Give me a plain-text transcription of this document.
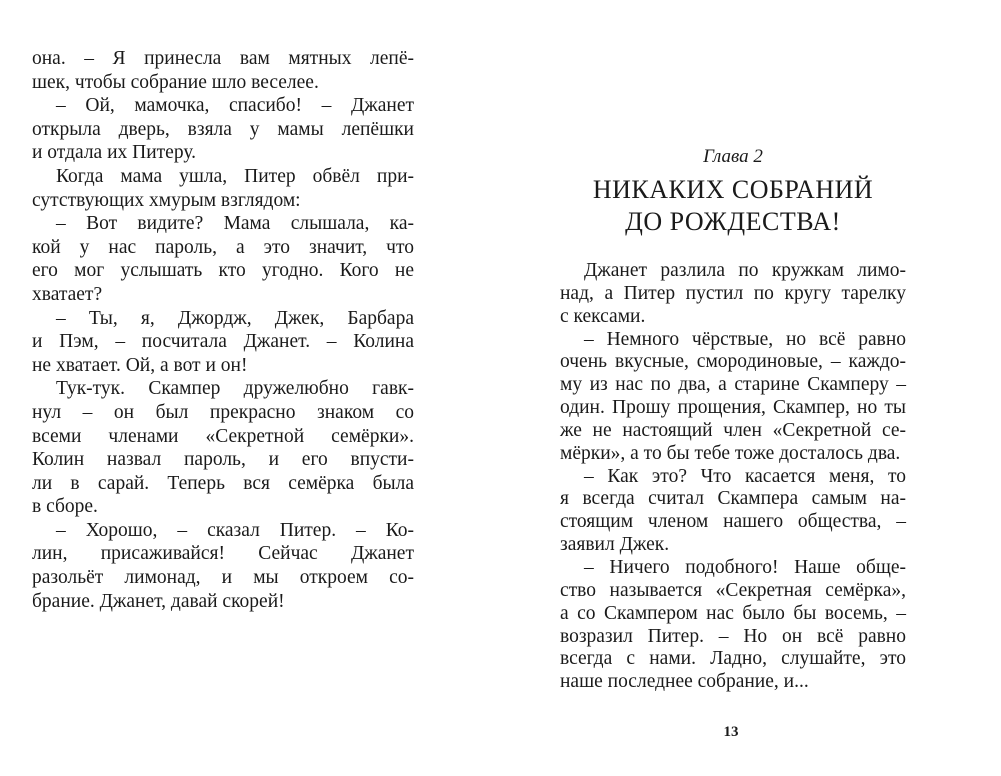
она. – Я принесла вам мятных лепё-
шек, чтобы собрание шло веселее.
– Ой, мамочка, спасибо! – Джанет
открыла дверь, взяла у мамы лепёшки
и отдала их Питеру.
Когда мама ушла, Питер обвёл при-
сутствующих хмурым взглядом:
– Вот видите? Мама слышала, ка-
кой у нас пароль, а это значит, что
его мог услышать кто угодно. Кого не
хватает?
– Ты, я, Джордж, Джек, Барбара
и Пэм, – посчитала Джанет. – Колина
не хватает. Ой, а вот и он!
Тук-тук. Скампер дружелюбно гавк-
нул – он был прекрасно знаком со
всеми членами «Секретной семёрки».
Колин назвал пароль, и его впусти-
ли в сарай. Теперь вся семёрка была
в сборе.
– Хорошо, – сказал Питер. – Ко-
лин, присаживайся! Сейчас Джанет
разольёт лимонад, и мы откроем со-
брание. Джанет, давай скорей!
Глава 2
НИКАКИХ СОБРАНИЙ
ДО РОЖДЕСТВА!
Джанет разлила по кружкам лимо-
над, а Питер пустил по кругу тарелку
с кексами.
– Немного чёрствые, но всё равно
очень вкусные, смородиновые, – каждо-
му из нас по два, а старине Скамперу –
один. Прошу прощения, Скампер, но ты
же не настоящий член «Секретной се-
мёрки», а то бы тебе тоже досталось два.
– Как это? Что касается меня, то
я всегда считал Скампера самым на-
стоящим членом нашего общества, –
заявил Джек.
– Ничего подобного! Наше обще-
ство называется «Секретная семёрка»,
а со Скампером нас было бы восемь, –
возразил Питер. – Но он всё равно
всегда с нами. Ладно, слушайте, это
наше последнее собрание, и...
13
